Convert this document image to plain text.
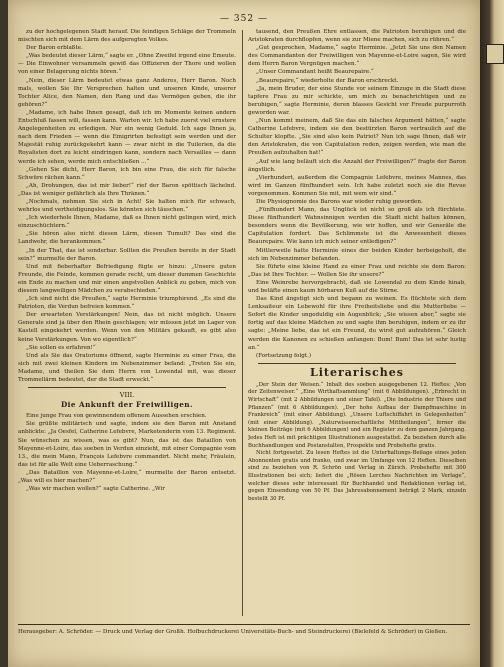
— 352 —

zu der hochgelegenen Stadt herauf. Die feindigen Schläge der Trommeln mischten sich mit dem Lärm des aufgeregten Volkes.

Der Baron erblaßte.

„Was bedeutet dieser Lärm,“ sagte er. „Ohne Zweifel irgend eine Emeute. — Die Einwohner versammeln gewiß das Offizieren der Thore und wollen von einer Belagerung nichts hören.“

„Nein, dieser Lärm bedeutet etwas ganz Anderes, Herr Baron. Noch mals, wollen Sie Ihr Versprechen halten und unseren Kinde, unserer Tochter Alice, den Namen, den Rang und das Vermögen geben, die ihr gehören?“

„Madame, ich habe Ihnen gesagt, daß ich im Momente keinen andern Entschluß fassen will, fassen kann. Warten wir. Ich habe zuerst viel ernstere Angelegenheiten zu erledigen. Nur ein wenig Geduld. Ich sage Ihnen ja, nach dem Frieden — wenn die Emigrirten befestigt sein werden und der Majestät ruhig zurückgekehrt kann — zwar nicht in die Tuilerien, da die Royalisten dort zu leicht eindringen kann, sondern nach Versailles — dann werde ich sehen, werde mich entschließen ...“

„Gehen Sie dicht, Herr Baron, ich bin eine Frau, die sich für falsche Schwüre rächen kann.“

„Ah, Drohungen, das ist mir lieber!“ rief der Baron spöttisch lächelnd. „Das ist weniger gefährlich als Ihre Thränen.“

„Nochmals, nehmen Sie sich in Acht! Sie halten mich für schwach, wehrlos und vertheidigungslos. Sie könnten sich täuschen.“

„Ich wiederhole Ihnen, Madame, daß es Ihnen nicht gelingen wird, mich einzuschüchtern.“

„Sie hören also nicht diesen Lärm, diesen Tumult? Das sind die Landwehr, die herankommen.“

„In der That, das ist sonderbar. Sollten die Preußen bereits in der Stadt sein?“ murmelte der Baron.

Und mit fieberhafter Befriedigung fügte er hinzu: „Unsere guten Freunde, die Feinde, kommen gerade recht, um dieser dummen Geschichte ein Ende zu machen und mir einen angstvollen Anblick zu geben, mich von diesem langweiligen Mädchen zu verabschieden.“

„Ich sind nicht die Preußen,“ sagte Herminie triumphirend. „Es sind die Patrioten, die Verdun befreien kommen.“

Der erwarteten Verstärkungen! Nein, das ist nicht möglich. Unsere Generale sind ja über den Rhein geschlagen; wir müssen jetzt im Lager von Kastell eingekehrt werden. Wenn von den Militärs gekauft, es gibt also keine Verstärkungen. Von wo eigentlich?“

„Sie sollen es erfahren!“

Und als Sie das Oratoriums öffnend, sagte Herminie zu einer Frau, die sich mit zwei kleinen Kindern im Nebenzimmer befand: „Treten Sie ein, Madame, und theilen Sie dem Herrn von Lowendal mit, was dieser Trommellärm bedeutet, der die Stadt erweckt.“

VIII.
Die Ankunft der Freiwilligen.

Eine junge Frau von gewinnendem offenem Aussehen erschien.

Sie grüßte militärisch und sagte, indem sie den Baron mit Anstand anblickte: „Ja Oesfel, Catherine Lefebvre, Marketenderin vom 13. Regiment. Sie wünschen zu wissen, was es gibt? Nun, das ist das Bataillon von Mayenne-et-Loire, das soeben in Verdun einzieht, mit einer Compagnie vom 13., die mein Mann, François Lefebvre commandirt. Nicht mehr, Fräulein, das ist für alle Welt eine Ueberraschung.“

„Das Bataillon von Mayenne-et-Loire,“ murmelte der Baron entsetzt. „Was will es hier machen?“

„Was wir machen wollen?“ sagte Catherine. „Wir

tausend, den Preußen Ehre entlassen, die Patrioten beruhigen und die Aristokraten durchflopfen, wenn sie zur Miene machen, sich zu rühren.“

„Gut gesprochen, Madame,“ sagte Herminie. „Jetzt Sie uns den Namen des Commandanten der Freiwilligen von Mayenne-et-Loire sagen, Sie wird dem Herrn Baron Vergnügen machen.“

„Unser Commandant heißt Beaurepaire.“

„Beaurepaire,“ wiederholte der Baron erschreckt.

„Ja, mein Bruder, der eine Stunde vor seinem Einzuge in die Stadt diese tapfere Frau zu mir schickte, um mich zu benachrichtigen und zu beruhigen,“ sagte Herminie, deren blasses Gesicht vor Freude purpurroth geworden war.

„Nun kommt meinem, daß Sie das ein falsches Argument hätten,“ sagte Catherine Lefebvre, indem sie den bestürzten Baron vertraulich auf die Schulter klopfte. „Sie sind also kein Patriot? Nun ich sage Ihnen, daß wir den Aristokraten, die von Capitulation reden, zeigen werden, wie man die Preußen aufzuhalten hat!“

„Auf wie lang beläuft sich die Anzahl der Freiwilligen?“ fragte der Baron ängstlich.

„Vierhundert, außerdem die Compagnie Lefebvre, meines Mannes, das wird im Ganzen fünfhundert sein. Ich habe zuletzt noch sie die Revue vorgenommen. Kommen Sie mit, mit wem wir sind.“

Die Physiognomie des Barons war wieder ruhig geworden.

„Fünfhundert Mann, das Unglück ist nicht so groß als ich fürchtete. Diese fünfhundert Wahnsinnigen werden die Stadt nicht halten können, besonders wenn die Bevölkerung, wie wir hoffen, und wir Generäle die Capitulation fordert. Das Schlimmste ist die Anwesenheit dieses Beaurepaire. Wie kann ich mich seiner entledigen?“

Mittlerweile hatte Herminie eines der beiden Kinder herbeigeholt, die sich im Nebenzimmer befanden.

Sie führte eine kleine Hand zu einer Frau und reichte sie dem Baron: „Das ist Ihre Tochter. — Wollen Sie ihr unsere?“

Eine Weinrebe hervorgebracht, daß sie Lowendal zu dem Kinde hinab, und betäfte einen kaum hörbaren Kuß auf die Stirne.

Das Kind ängstigt sich und begann zu weinen. Es flüchtete sich dem Lenksaiteur ein Lebewohl für ihre Freiheitsliebe und die Mutterliebe — Sofort die Kinder ungeduldig ein Augenblick; „Sie wissen aber,“ sagte sie fortig auf das kleine Mädchen zu und sagte ihm beruhigen, indem er zu ihr sagte: „Meine liebe, das ist ein Freund, du wirst gut aufzuhören.“ Gleich werden die Kanonen zu schießen anfangen: Bum! Bum! Das ist sehr lustig an.“

(Fortsetzung folgt.)

Literarisches

„Der Stein der Weisen.“ Inhalt des soeben ausgegebenen 12. Heftes: „Von der Zeitenweiser.“ „Eine Wirthaftsammlung“ (mit 6 Abbildungen). „Erbrecht in Wirtschaft“ (mit 2 Abbildungen und einer Tafel). „Die Industrie der Thiere und Pflanzen“ (mit 6 Abbildungen). „Der hohe Aufbau der Dampfmaschine in Frankreich“ (mit einer Abbildung). „Unsere Luftschiffahrt in Gelegenheiten“ (mit einer Abbildung). „Naturwissenschaftliche Mittheilungen“, ferner die kleinen Beiträge (mit 6 Abbildungen) und ein Register zu dem ganzen Jahrgang. Jedes Heft ist mit prächtigen Illustrationen ausgestattet. Zu beziehen durch alle Buchhandlungen und Postanstalten, Prospekte und Probehefte gratis.

Nicht fortgesetzt. Zu lesen Heftes ist die Unterhaltungs-Beilage eines jeden Abonnenten gratis und franko, und zwar im Umfange von 12 Heften. Dieselben sind zu beziehen von R. Schrön und Verlag in Zürich. Probehefte mit 300 Illustrationen bei sich; liefert die „Rösen Lerches Nachrichten im Verlage“, welcher dieses sehr interessant für Buchhandel und Redaktionen verlag ist, gegen Einsendung von 50 Pf. Das Jahresabonnement beträgt 2 Mark, einzeln bestellt 30 Pf.

Herausgeber: A. Schröder. — Druck und Verlag der Großh. Hofbuchdruckerei Universitäts-Buch- und Steindruckerei (Bielefeld & Schröder) in Gießen.
